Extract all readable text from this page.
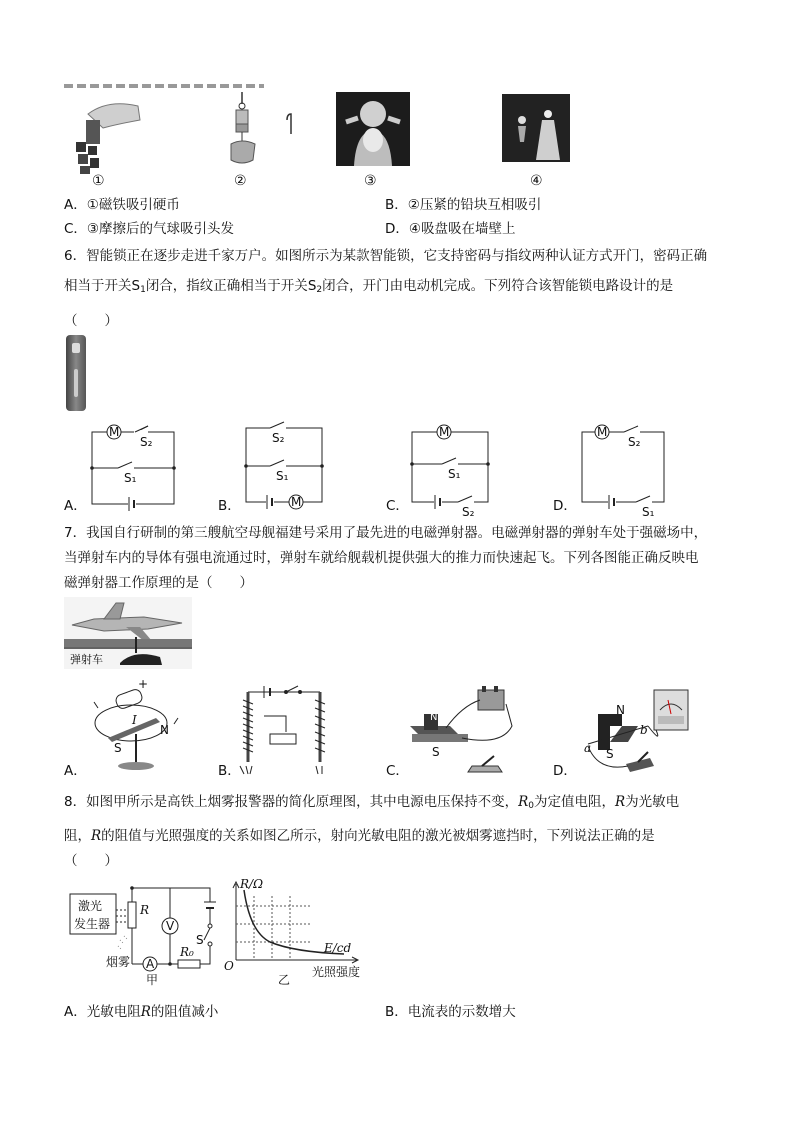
①	②	③	④
A．①磁铁吸引硬币	B．②压紧的铅块互相吸引
C．③摩擦后的气球吸引头发	D．④吸盘吸在墙壁上
6．智能锁正在逐步走进千家万户。如图所示为某款智能锁，它支持密码与指纹两种认证方式开门，密码正确
相当于开关$S_1$闭合，指纹正确相当于开关$S_2$闭合，开门由电动机完成。下列符合该智能锁电路设计的是
（　　）
M
S₂
S₁
A．
S₂
S₁
M
B．
M
S₁
S₂
C．
M
S₂
S₁
D．
7．我国自行研制的第三艘航空母舰福建号采用了最先进的电磁弹射器。电磁弹射器的弹射车处于强磁场中，
当弹射车内的导体有强电流通过时，弹射车就给舰载机提供强大的推力而快速起飞。下列各图能正确反映电
磁弹射器工作原理的是（　　）
弹射车
+
I
S
N
A．	B．
N
S
C．
N
S
a
b
D．
8．如图甲所示是高铁上烟雾报警器的简化原理图，其中电源电压保持不变，$R_0$为定值电阻，R为光敏电
阻，R的阻值与光照强度的关系如图乙所示，射向光敏电阻的激光被烟雾遮挡时，下列说法正确的是
（　　）
激光
发生器
R
V
S
A
R₀
烟雾
甲
R/Ω
E/cd
O	光照强度
乙
A．光敏电阻R的阻值减小	B．电流表的示数增大
